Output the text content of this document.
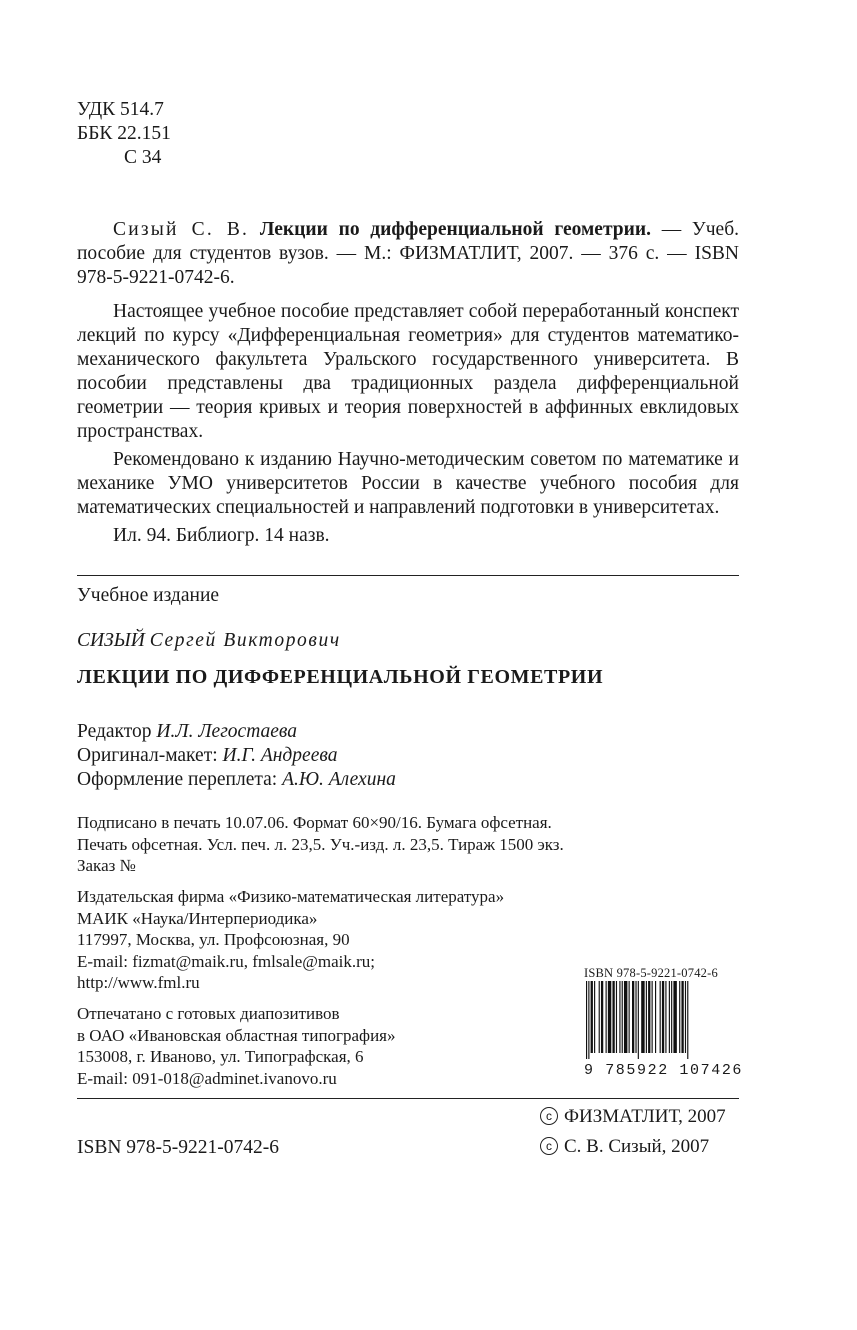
УДК 514.7
ББК 22.151
С 34

Сизый С. В. Лекции по дифференциальной геометрии. — Учеб. пособие для студентов вузов. — М.: ФИЗМАТЛИТ, 2007. — 376 с. — ISBN 978-5-9221-0742-6.

Настоящее учебное пособие представляет собой переработанный конспект лекций по курсу «Дифференциальная геометрия» для студентов математико-механического факультета Уральского государственного университета. В пособии представлены два традиционных раздела дифференциальной геометрии — теория кривых и теория поверхностей в аффинных евклидовых пространствах.

Рекомендовано к изданию Научно-методическим советом по математике и механике УМО университетов России в качестве учебного пособия для математических специальностей и направлений подготовки в университетах.

Ил. 94. Библиогр. 14 назв.

Учебное издание
СИЗЫЙ Сергей Викторович
ЛЕКЦИИ ПО ДИФФЕРЕНЦИАЛЬНОЙ ГЕОМЕТРИИ
Редактор И.Л. Легостаева
Оригинал-макет: И.Г. Андреева
Оформление переплета: А.Ю. Алехина
Подписано в печать 10.07.06. Формат 60×90/16. Бумага офсетная.
Печать офсетная. Усл. печ. л. 23,5. Уч.-изд. л. 23,5. Тираж 1500 экз.
Заказ №
Издательская фирма «Физико-математическая литература»
МАИК «Наука/Интерпериодика»
117997, Москва, ул. Профсоюзная, 90
E-mail: fizmat@maik.ru, fmlsale@maik.ru;
http://www.fml.ru
Отпечатано с готовых диапозитивов
в ОАО «Ивановская областная типография»
153008, г. Иваново, ул. Типографская, 6
E-mail: 091-018@adminet.ivanovo.ru
ISBN 978-5-9221-0742-6
9 785922 107426
c ФИЗМАТЛИТ, 2007
ISBN 978-5-9221-0742-6	c С. В. Сизый, 2007
